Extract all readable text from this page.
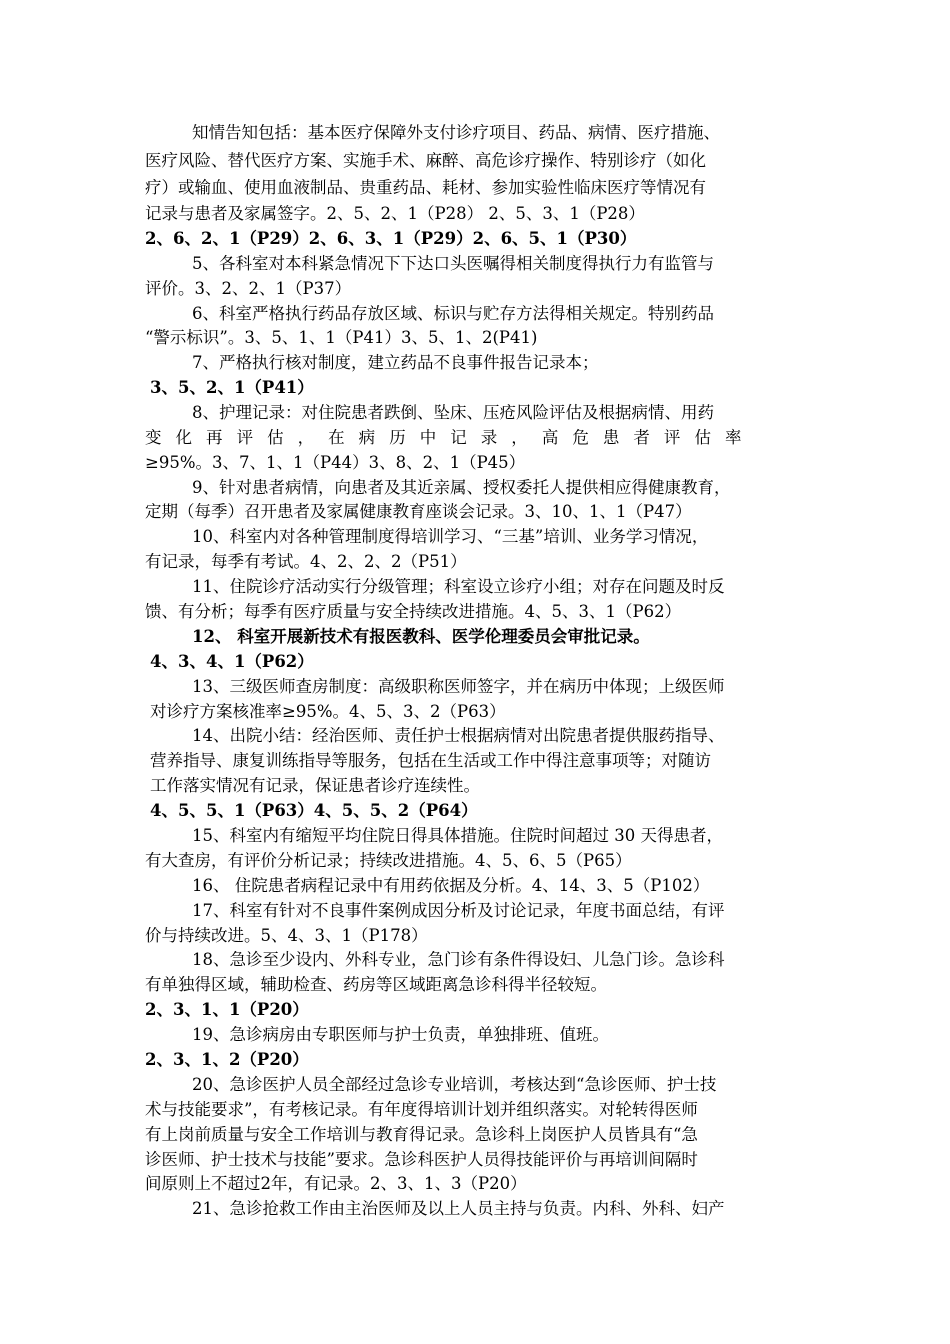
知情告知包括：基本医疗保障外支付诊疗项目、药品、病情、医疗措施、
医疗风险、替代医疗方案、实施手术、麻醉、高危诊疗操作、特别诊疗（如化
疗）或输血、使用血液制品、贵重药品、耗材、参加实验性临床医疗等情况有
记录与患者及家属签字。2、5、2、1（P28） 2、5、3、1（P28）
2、6、2、1（P29）2、6、3、1（P29）2、6、5、1（P30）
5、各科室对本科紧急情况下下达口头医嘱得相关制度得执行力有监管与
评价。3、2、2、1（P37）
6、科室严格执行药品存放区域、标识与贮存方法得相关规定。特别药品
“警示标识”。3、5、1、1（P41）3、5、1、2(P41)
7、严格执行核对制度，建立药品不良事件报告记录本；
3、5、2、1（P41）
8、护理记录：对住院患者跌倒、坠床、压疮风险评估及根据病情、用药
变化再评估，在病历中记录，高危患者评估率
≥95%。3、7、1、1（P44）3、8、2、1（P45）
9、针对患者病情，向患者及其近亲属、授权委托人提供相应得健康教育，
定期（每季）召开患者及家属健康教育座谈会记录。3、10、1、1（P47）
10、科室内对各种管理制度得培训学习、“三基”培训、业务学习情况，
有记录，每季有考试。4、2、2、2（P51）
11、住院诊疗活动实行分级管理；科室设立诊疗小组；对存在问题及时反
馈、有分析；每季有医疗质量与安全持续改进措施。4、5、3、1（P62）
12、 科室开展新技术有报医教科、医学伦理委员会审批记录。
4、3、4、1（P62）
13、三级医师查房制度：高级职称医师签字，并在病历中体现；上级医师
对诊疗方案核准率≥95%。4、5、3、2（P63）
14、出院小结：经治医师、责任护士根据病情对出院患者提供服药指导、
营养指导、康复训练指导等服务，包括在生活或工作中得注意事项等；对随访
工作落实情况有记录，保证患者诊疗连续性。
4、5、5、1（P63）4、5、5、2（P64）
15、科室内有缩短平均住院日得具体措施。住院时间超过 30 天得患者，
有大查房，有评价分析记录；持续改进措施。4、5、6、5（P65）
16、 住院患者病程记录中有用药依据及分析。4、14、3、5（P102）
17、科室有针对不良事件案例成因分析及讨论记录，年度书面总结，有评
价与持续改进。5、4、3、1（P178）
18、急诊至少设内、外科专业，急门诊有条件得设妇、儿急门诊。急诊科
有单独得区域，辅助检查、药房等区域距离急诊科得半径较短。
2、3、1、1（P20）
19、急诊病房由专职医师与护士负责，单独排班、值班。
2、3、1、2（P20）
20、急诊医护人员全部经过急诊专业培训，考核达到“急诊医师、护士技
术与技能要求”，有考核记录。有年度得培训计划并组织落实。对轮转得医师
有上岗前质量与安全工作培训与教育得记录。急诊科上岗医护人员皆具有“急
诊医师、护士技术与技能”要求。急诊科医护人员得技能评价与再培训间隔时
间原则上不超过2年，有记录。2、3、1、3（P20）
21、急诊抢救工作由主治医师及以上人员主持与负责。内科、外科、妇产
